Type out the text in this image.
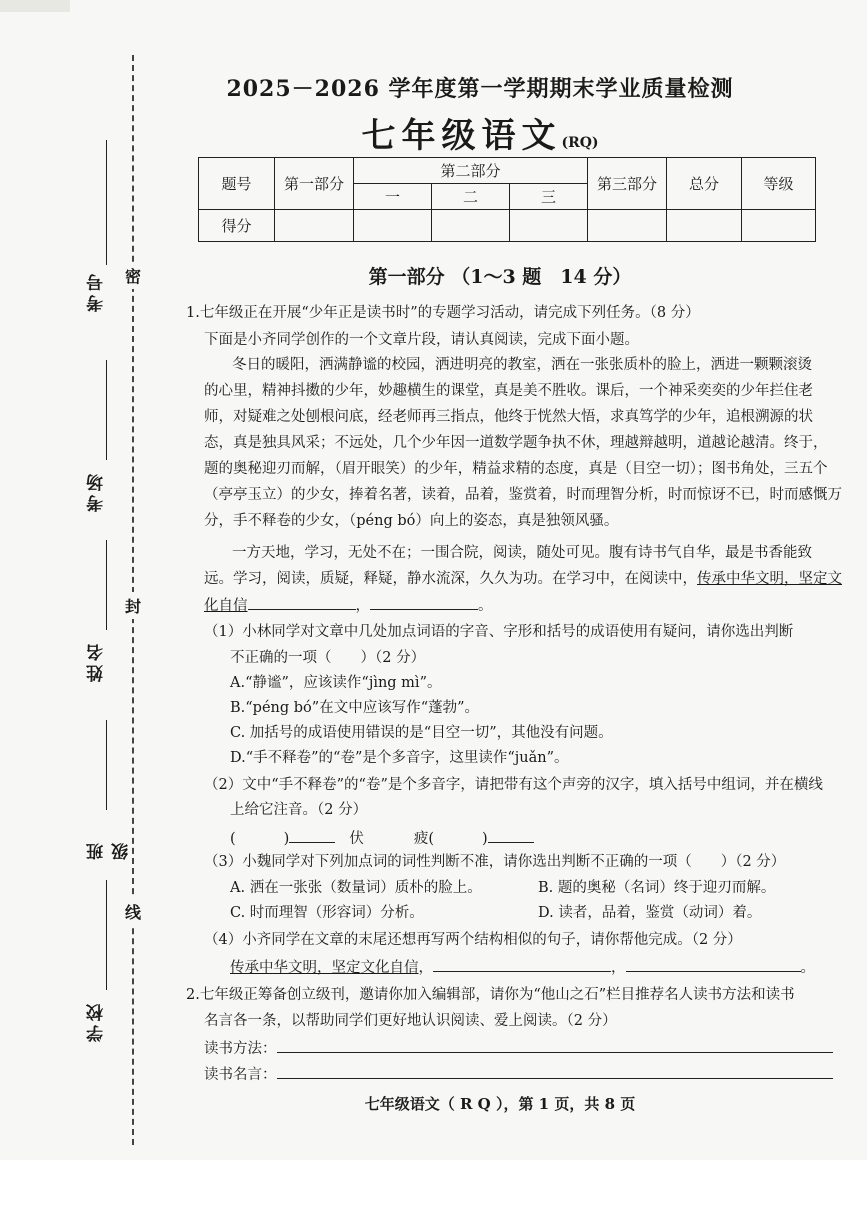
密
封
线
考号
考场
姓名
班级
学校
2025－2026 学年度第一学期期末学业质量检测
七年级语文(RQ)
题号	第一部分	第二部分			第三部分	总分	等级
		一	二	三			
得分							
第一部分 （1～3 题　14 分）
1.七年级正在开展“少年正是读书时”的专题学习活动，请完成下列任务。（8 分）
下面是小齐同学创作的一个文章片段，请认真阅读，完成下面小题。
冬日的暖阳，洒满静谧的校园，洒进明亮的教室，洒在一张张质朴的脸上，洒进一颗颗滚烫
的心里，精神抖擞的少年，妙趣横生的课堂，真是美不胜收。课后，一个神采奕奕的少年拦住老
师，对疑难之处刨根问底，经老师再三指点，他终于恍然大悟，求真笃学的少年，追根溯源的状
态，真是独具风采；不远处，几个少年因一道数学题争执不休，理越辩越明，道越论越清。终于，
题的奥秘迎刃而解，（眉开眼笑）的少年，精益求精的态度，真是（目空一切）；图书角处，三五个
（亭亭玉立）的少女，捧着名著，读着，品着，鉴赏着，时而理智分析，时而惊讶不已，时而感慨万
分，手不释卷的少女，（péng bó）向上的姿态，真是独领风骚。
一方天地，学习，无处不在；一围合院，阅读，随处可见。腹有诗书气自华，最是书香能致
远。学习，阅读，质疑，释疑，静水流深，久久为功。在学习中，在阅读中，传承中华文明，坚定文
化自信	，	。
（1）小林同学对文章中几处加点词语的字音、字形和括号的成语使用有疑问，请你选出判断
不正确的一项（　　）（2 分）
A.“静谧”，应该读作“jìng mì”。
B.“péng bó”在文中应该写作“蓬勃”。
C. 加括号的成语使用错误的是“目空一切”，其他没有问题。
D.“手不释卷”的“卷”是个多音字，这里读作“juǎn”。
（2）文中“手不释卷”的“卷”是个多音字，请把带有这个声旁的汉字，填入括号中组词，并在横线
上给它注音。（2 分）
(	)	伏	疲(	)
（3）小魏同学对下列加点词的词性判断不准，请你选出判断不正确的一项（　　）（2 分）
A. 洒在一张张（数量词）质朴的脸上。	B. 题的奥秘（名词）终于迎刃而解。
C. 时而理智（形容词）分析。	D. 读者，品着，鉴赏（动词）着。
（4）小齐同学在文章的末尾还想再写两个结构相似的句子，请你帮他完成。（2 分）
传承中华文明，坚定文化自信，	，	。
2.七年级正筹备创立级刊，邀请你加入编辑部，请你为“他山之石”栏目推荐名人读书方法和读书
名言各一条，以帮助同学们更好地认识阅读、爱上阅读。（2 分）
读书方法：
读书名言：
七年级语文（ R Q ），第 1 页，共 8 页
